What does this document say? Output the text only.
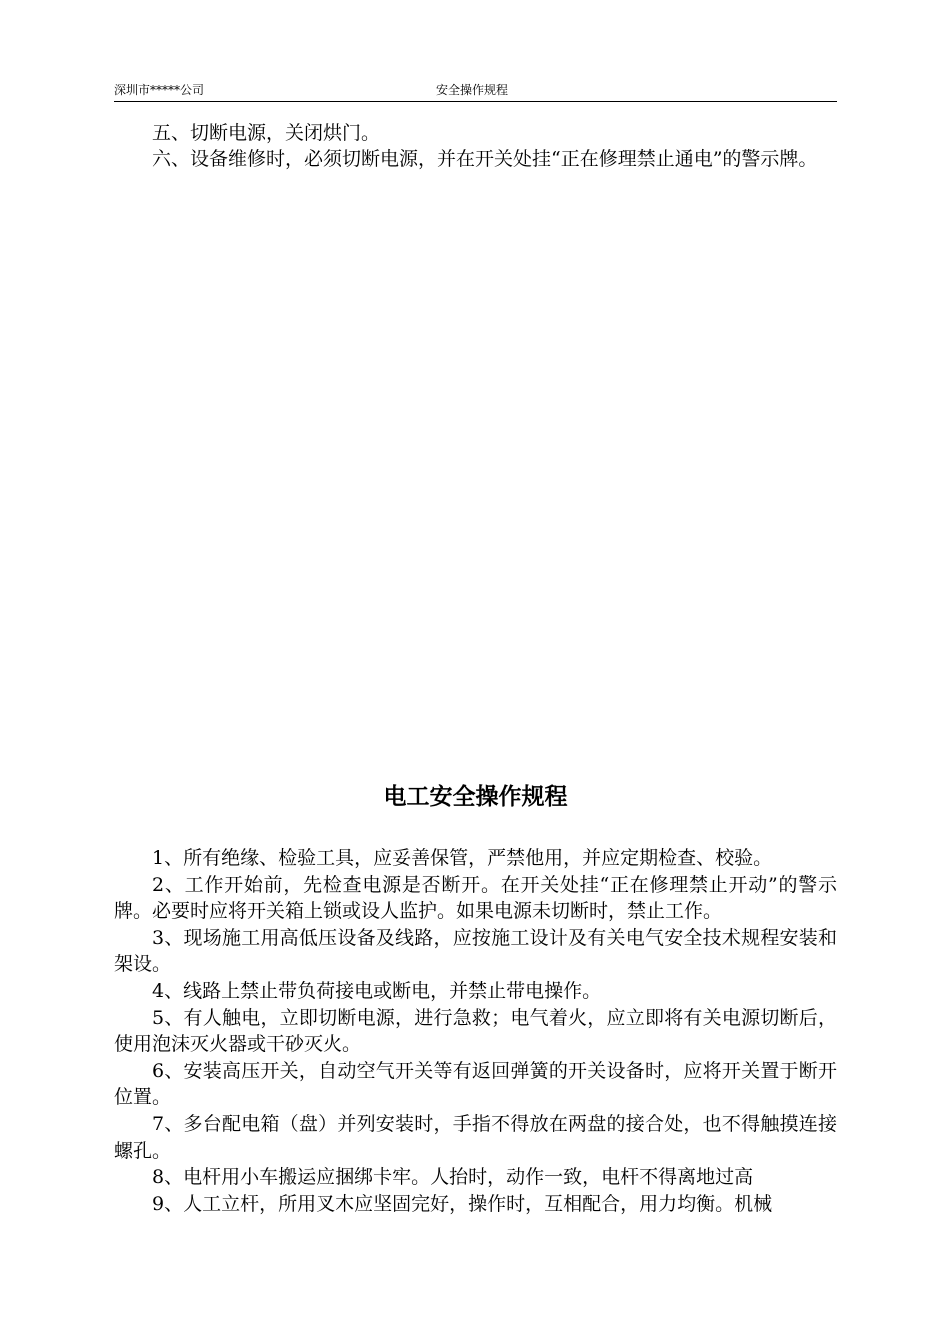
深圳市*****公司	安全操作规程

五、切断电源，关闭烘门。

六、设备维修时，必须切断电源，并在开关处挂“正在修理禁止通电”的警示牌。

电工安全操作规程

1、所有绝缘、检验工具，应妥善保管，严禁他用，并应定期检查、校验。

2、工作开始前，先检查电源是否断开。在开关处挂“正在修理禁止开动”的警示牌。必要时应将开关箱上锁或设人监护。如果电源未切断时，禁止工作。

3、现场施工用高低压设备及线路，应按施工设计及有关电气安全技术规程安装和架设。

4、线路上禁止带负荷接电或断电，并禁止带电操作。

5、有人触电，立即切断电源，进行急救；电气着火，应立即将有关电源切断后，使用泡沫灭火器或干砂灭火。

6、安装高压开关，自动空气开关等有返回弹簧的开关设备时，应将开关置于断开位置。

7、多台配电箱（盘）并列安装时，手指不得放在两盘的接合处，也不得触摸连接螺孔。

8、电杆用小车搬运应捆绑卡牢。人抬时，动作一致，电杆不得离地过高

9、人工立杆，所用叉木应坚固完好，操作时，互相配合，用力均衡。机械
